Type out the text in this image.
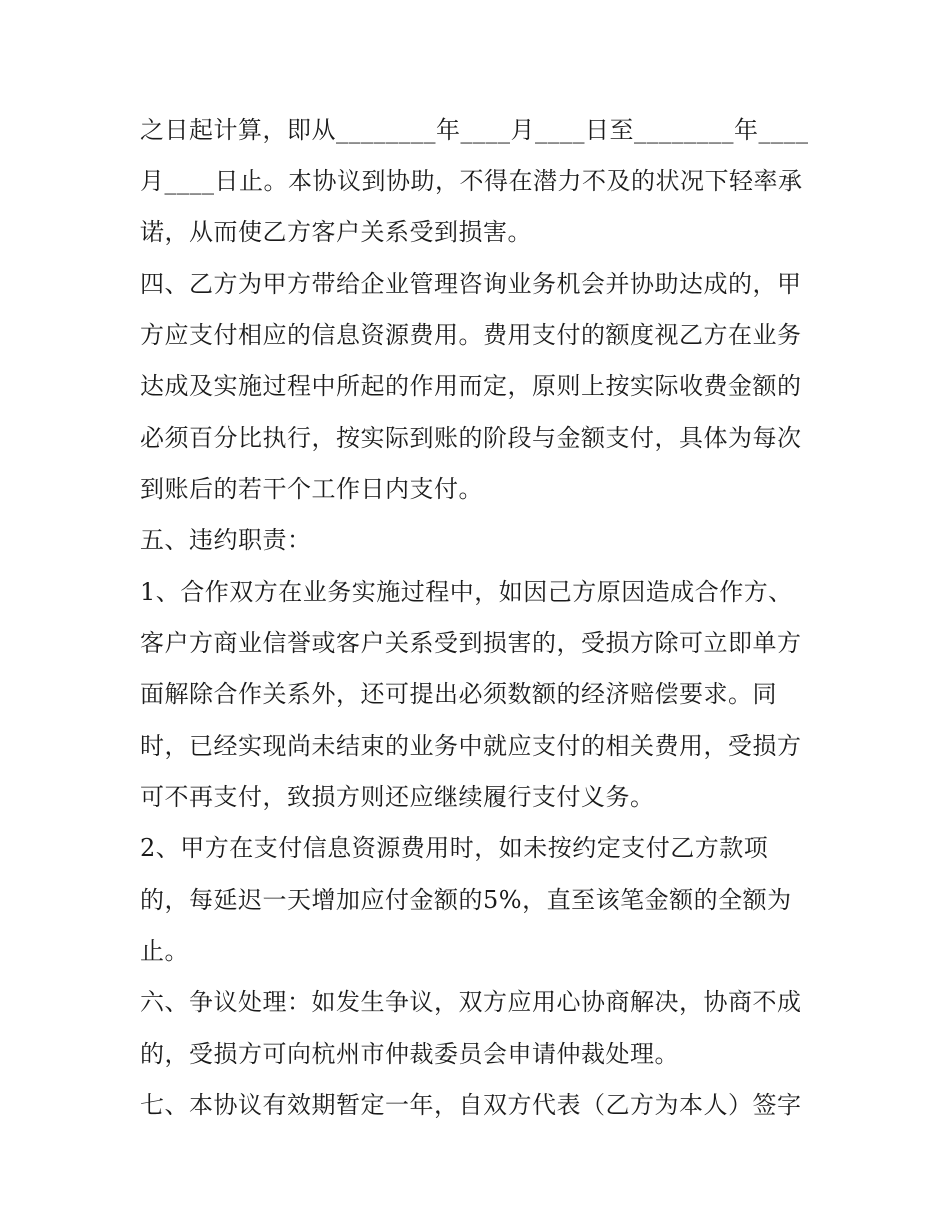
之日起计算，即从________年____月____日至________年____
月____日止。本协议到协助，不得在潜力不及的状况下轻率承
诺，从而使乙方客户关系受到损害。
四、乙方为甲方带给企业管理咨询业务机会并协助达成的，甲
方应支付相应的信息资源费用。费用支付的额度视乙方在业务
达成及实施过程中所起的作用而定，原则上按实际收费金额的
必须百分比执行，按实际到账的阶段与金额支付，具体为每次
到账后的若干个工作日内支付。
五、违约职责：
1、合作双方在业务实施过程中，如因己方原因造成合作方、
客户方商业信誉或客户关系受到损害的，受损方除可立即单方
面解除合作关系外，还可提出必须数额的经济赔偿要求。同
时，已经实现尚未结束的业务中就应支付的相关费用，受损方
可不再支付，致损方则还应继续履行支付义务。
2、甲方在支付信息资源费用时，如未按约定支付乙方款项
的，每延迟一天增加应付金额的5%，直至该笔金额的全额为
止。
六、争议处理：如发生争议，双方应用心协商解决，协商不成
的，受损方可向杭州市仲裁委员会申请仲裁处理。
七、本协议有效期暂定一年，自双方代表（乙方为本人）签字
